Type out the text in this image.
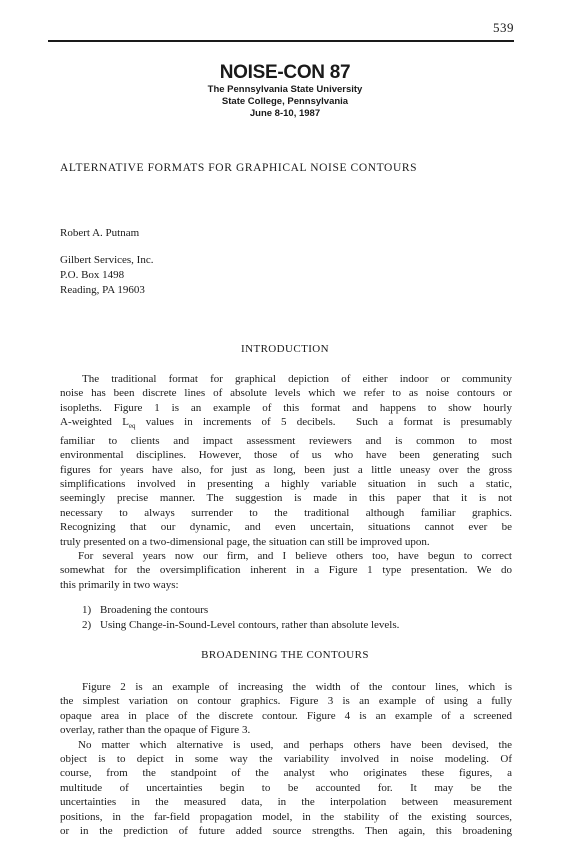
539
NOISE-CON 87
The Pennsylvania State University
State College, Pennsylvania
June 8-10, 1987
ALTERNATIVE FORMATS FOR GRAPHICAL NOISE CONTOURS
Robert A. Putnam
Gilbert Services, Inc.
P.O. Box 1498
Reading, PA 19603
INTRODUCTION
The traditional format for graphical depiction of either indoor or community
noise has been discrete lines of absolute levels which we refer to as noise contours or
isopleths. Figure 1 is an example of this format and happens to show hourly
A-weighted $L_{eq}$ values in increments of 5 decibels.  Such a format is presumably
familiar to clients and impact assessment reviewers and is common to most
environmental disciplines. However, those of us who have been generating such
figures for years have also, for just as long, been just a little uneasy over the gross
simplifications involved in presenting a highly variable situation in such a static,
seemingly precise manner. The suggestion is made in this paper that it is not
necessary to always surrender to the traditional although familiar graphics.
Recognizing that our dynamic, and even uncertain, situations cannot ever be
truly presented on a two-dimensional page, the situation can still be improved upon.
For several years now our firm, and I believe others too, have begun to correct
somewhat for the oversimplification inherent in a Figure 1 type presentation. We do
this primarily in two ways:
1) Broadening the contours
2) Using Change-in-Sound-Level contours, rather than absolute levels.
BROADENING THE CONTOURS
Figure 2 is an example of increasing the width of the contour lines, which is
the simplest variation on contour graphics. Figure 3 is an example of using a fully
opaque area in place of the discrete contour. Figure 4 is an example of a screened
overlay, rather than the opaque of Figure 3.
No matter which alternative is used, and perhaps others have been devised, the
object is to depict in some way the variability involved in noise modeling. Of
course, from the standpoint of the analyst who originates these figures, a
multitude of uncertainties begin to be accounted for. It may be the
uncertainties in the measured data, in the interpolation between measurement
positions, in the far-field propagation model, in the stability of the existing sources,
or in the prediction of future added source strengths. Then again, this broadening
